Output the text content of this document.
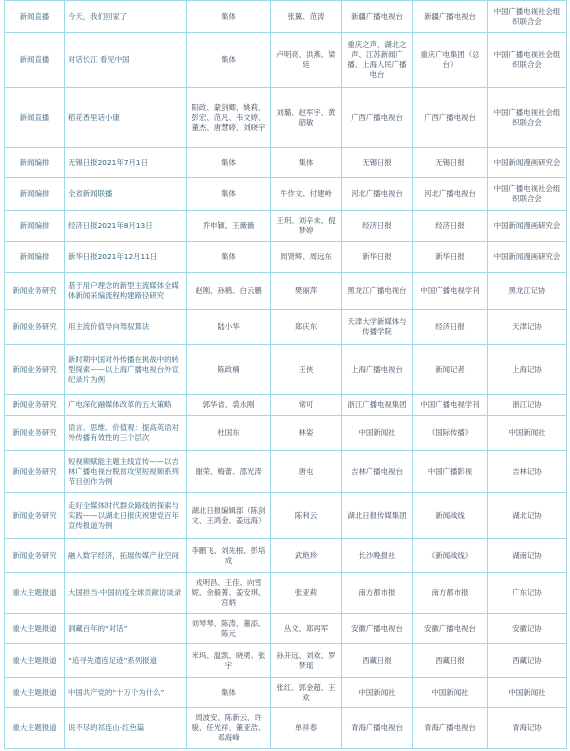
新闻直播	今天，我们回家了	集体	张翼、范涛	新疆广播电视台	新疆广播电视台	中国广播电视社会组织联合会
新闻直播	对话长江 看见中国	集体	卢明亮、洪燕、梁廷	重庆之声、湖北之声、江苏新闻广播、上海人民广播电台	重庆广电集团（总台）	中国广播电视社会组织联合会
新闻直播	稻花香里话小康	阳政、蒙剑卿、姚莉、彭宏、范凡、韦文婷、董杰、唐慧婷、刘晓宇	刘璐、赵军宇、黄韶敏	广西广播电视台	广西广播电视台	中国广播电视社会组织联合会
新闻编排	无锡日报2021年7月1日	集体	集体	无锡日报	无锡日报	中国新闻漫画研究会
新闻编排	全省新闻联播	集体	牛作文、付建岭	河北广播电视台	河北广播电视台	中国广播电视社会组织联合会
新闻编排	经济日报2021年8月13日	乔申颖、王薇薇	王玥、刘辛未、倪梦婷	经济日报	经济日报	中国新闻漫画研究会
新闻编排	新华日报2021年12月11日	集体	周贤辉、周远东	新华日报	新华日报	中国新闻漫画研究会
新闻业务研究	基于用户理念的新型主流媒体全媒体新闻采编流程构建路径研究	赵刚、孙鹤、白云鹏	樊丽萍	黑龙江广播电视台	中国广播电视学刊	黑龙江记协
新闻业务研究	用主流价值导向驾驭算法	陆小华	郑庆东	天津大学新媒体与传播学院	经济日报	天津记协
新闻业务研究	新时期中国对外传播在挑战中的转型探索——以上海广播电视台外宣纪录片为例	陈政楠	王侠	上海广播电视台	新闻记者	上海记协
新闻业务研究	广电深化融媒体改革的五大策略	郭华省、裘永刚	常可	浙江广播电视集团	中国广播电视学刊	浙江记协
新闻业务研究	语言、思维、价值观：提高英语对外传播有效性的三个层次	杜国东	林姿	中国新闻社	《国际传播》	中国新闻社
新闻业务研究	短视频赋能主题主线宣传——以吉林广播电视台脱贫攻坚短视频系列节目创作为例	谢荣、梅蕾、邵光涛	唐屯	吉林广播电视台	中国广播影视	吉林记协
新闻业务研究	走好全媒体时代群众路线的探索与实践——以湖北日报庆祝建党百年宣传报道为例	湖北日报编辑部（陈剑文、王鸿金、姜远海）	陈利云	湖北日报传媒集团	新闻战线	湖北记协
新闻业务研究	融入数字经济，拓展传媒产业空间	李鹏飞、刘先根、彭培成	武艳珍	长沙晚报社	《新闻战线》	湖南记协
重大主题报道	大国担当·中国抗疫全球贡献访谈录	戎明昌、王佳、向雪妮、余毅菁、姜安琪、宫炳	张亚莉	南方都市报	南方都市报	广东记协
重大主题报道	洞藏百年的“对话”	刘琴琴、陈涛、董添、陈元	丛文、郑再军	安徽广播电视台	安徽广播电视台	安徽记协
重大主题报道	“追寻先遣连足迹”系列报道	米玛、温凯、晓勇、张宇	孙开远、刘欢、罗梦瑶	西藏日报	西藏日报	西藏记协
重大主题报道	中国共产党的“十万个为什么”	集体	张红、郭金超、王欢	中国新闻社	中国新闻社	中国新闻社
重大主题报道	说不尽的祁连山·红色篇	周波安、陈新云、许骏、任光祥、董亚浩、邓海峰	单祥春	青海广播电视台	青海广播电视台	青海记协
